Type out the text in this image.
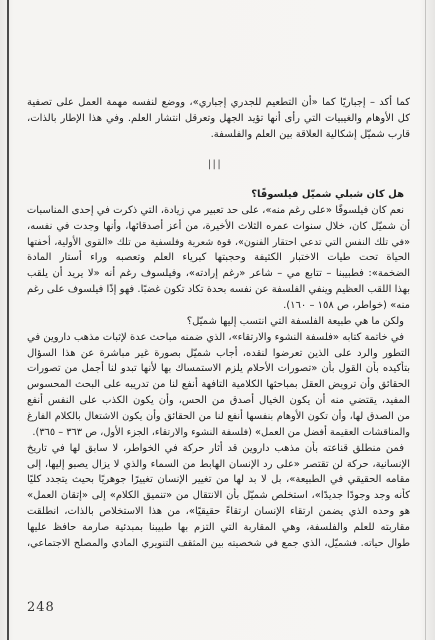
كما أكد – إجباريًا كما «أن التطعيم للجدري إجباري»، ووضع لنفسه مهمة العمل على تصفية
كل الأوهام والغيبيات التي رأى أنها تؤيد الجهل وتعرقل انتشار العلم. وفي هذا الإطار بالذات،
قارب شميّل إشكالية العلاقة بين العلم والفلسفة.
|||
هل كان شبلي شميّل فيلسوفًا؟
نعم كان فيلسوفًا «على رغم منه»، على حد تعبير مي زيادة، التي ذكرت في إحدى المناسبات
أن شميّل كان، خلال سنوات عمره الثلاث الأخيرة، من أعز أصدقائها، وأنها وجدت في نفسه،
«في تلك النفس التي تدعي احتقار الفنون»، قوة شعرية وفلسفية من تلك «القوى الأولية، أخفتها
الحياة تحت طيات الاختبار الكثيفة وحجبتها كبرياء العلم وتعصبه وراء أستار المادة
الضخمة»: فطبيبنا – تتابع مي – شاعر «رغم إرادته»، وفيلسوف رغم أنه «لا يريد أن يلقب
بهذا اللقب العظيم وينفي الفلسفة عن نفسه بحدة تكاد تكون غضبًا. فهو إذًا فيلسوف على رغم
منه» (خواطر، ص ١٥٨ – ١٦٠).
ولكن ما هي طبيعة الفلسفة التي انتسب إليها شميّل؟
في خاتمة كتابه «فلسفة النشوء والارتقاء»، الذي ضمنه مباحث عدة لإثبات مذهب داروين في
التطور والرد على الذين تعرضوا لنقده، أجاب شميّل بصورة غير مباشرة عن هذا السؤال
بتأكيده بأن القول بأن «تصورات الأحلام يلزم الاستمساك بها لأنها تبدو لنا أجمل من تصورات
الحقائق وأن ترويض العقل بمباحثها الكلامية التافهة أنفع لنا من تدريبه على البحث المحسوس
المفيد، يقتضي منه أن يكون الخيال أصدق من الحس، وأن يكون الكذب على النفس أنفع
من الصدق لها، وأن تكون الأوهام بنفسها أنفع لنا من الحقائق وأن يكون الاشتغال بالكلام الفارغ
والمناقشات العقيمة أفضل من العمل» (فلسفة النشوء والارتقاء، الجزء الأول، ص ٣٦٣ – ٣٦٥).
فمن منطلق قناعته بأن مذهب داروين قد أثار حركة في الخواطر، لا سابق لها في تاريخ
الإنسانية، حركة لن تقتصر «على رد الإنسان الهابط من السماء والذي لا يزال يصبو إليها، إلى
مقامه الحقيقي في الطبيعة»، بل لا بد لها من تغيير الإنسان تغييرًا جوهريًا بحيث يتجدد كليًا
كأنه وجد وجودًا جديدًا»، استخلص شميّل بأن الانتقال من «تنميق الكلام» إلى «إتقان العمل»
هو وحده الذي يضمن ارتقاء الإنسان ارتقاءً حقيقيًا»، من هذا الاستخلاص بالذات، انطلقت
مقاربته للعلم والفلسفة، وهي المقاربة التي التزم بها طبيبنا بمبدئية صارمة حافظ عليها
طوال حياته. فشميّل، الذي جمع في شخصيته بين المثقف التنويري المادي والمصلح الاجتماعي،
248
